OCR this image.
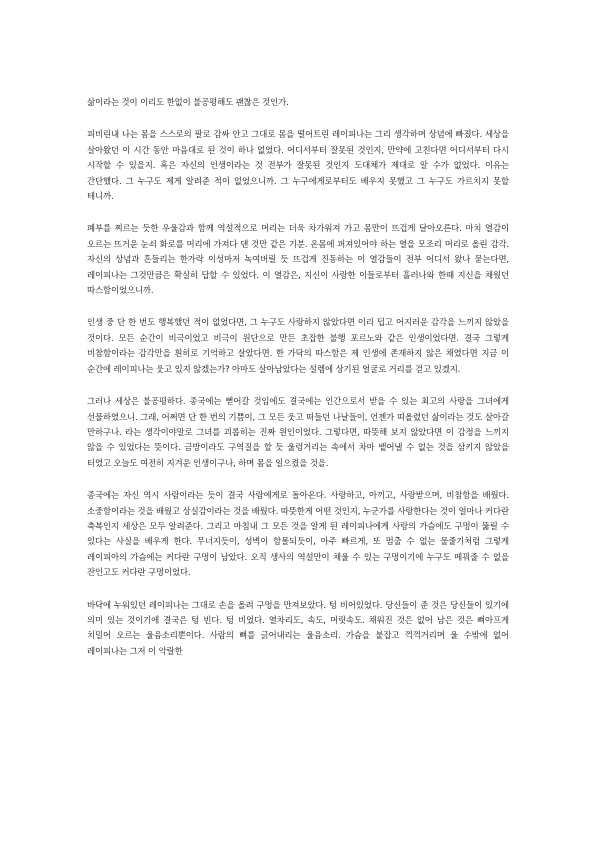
삶이라는 것이 이리도 한없이 불공평해도 괜찮은 것인가.

피비린내 나는 몸을 스스로의 팔로 감싸 안고 그대로 몸을 떨어트린 레이피나는 그리 생각하며 상념에 빠졌다. 세상을 살아왔던 이 시간 동안 마음대로 된 것이 하나 없었다. 어디서부터 잘못된 것인지, 만약에 고친다면 어디서부터 다시 시작할 수 있을지. 혹은 자신의 인생이라는 것 전부가 잘못된 것인지 도대체가 제대로 알 수가 없었다. 이유는 간단했다. 그 누구도 제게 알려준 적이 없었으니까. 그 누구에게로부터도 배우지 못했고 그 누구도 가르치지 못할 테니까.

폐부를 찌르는 듯한 우울감과 함께 역설적으로 머리는 더욱 차가워져 가고 몸만이 뜨겁게 달아오른다. 마치 열감이 오르는 뜨거운 눈쇠 화로를 머리에 가져다 댄 것만 같은 기분. 온몸에 퍼져있어야 하는 열을 모조리 머리로 올린 감각. 자신의 상념과 흔들리는 한가락 이성마저 녹여버릴 듯 뜨겁게 진동하는 이 열감들이 전부 어디서 왔나 묻는다면, 레이피나는 그것만큼은 확실히 답할 수 있었다. 이 열감은, 지신이 사랑한 이들로부터 흘러나와 한때 지신을 채웠던 따스함이었으니까.

인생 중 단 한 번도 행복했던 적이 없었다면, 그 누구도 사랑하지 않았다면 이리 덥고 어지러운 감각을 느끼지 않았을 것이다. 모든 순간이 비극이었고 비극이 원단으로 만든 초잡한 불행 포르노와 같은 인생이었다면. 결국 그렇게 비참함이라는 감각만을 흰히로 기억하고 살았다면. 한 가닥의 따스함은 제 인생에 존재하지 않은 채였다면 지금 이 순간에 레이피나는 웃고 있지 않겠는가? 아마도 살아남았다는 설렘에 상기된 얼굴로 거리를 걷고 있겠지.

그러나 세상은 불공평하다. 종국에는 뻗어갈 것임에도 결국에는 인간으로서 받을 수 있는 최고의 사랑을 그녀에게 선물하였으니. 그래, 어쩌면 단 한 번의 기쁨이, 그 모든 웃고 떠들던 나날들이, 언젠가 띠올렸던 삶이라는 것도 살아갈 만하구나. 라는 생각이야말로 그녀를 괴롭히는 진짜 원인이었다. 그렇다면, 따뜻해 보지 않았다면 이 감정을 느끼지 않을 수 있었다는 뜻이다. 금방이라도 구역질을 할 듯 울렁거리는 속에서 차마 뱉어낼 수 없는 것을 삼키지 않았을 터였고 오늘도 여전히 지겨운 인생이구나, 하며 몸을 일으켰을 것을.

종국에는 자신 역시 사람이라는 듯이 결국 사람에게로 돌아온다. 사랑하고, 아끼고, 사랑받으며, 비참함을 배웠다. 소중함이라는 것을 배웠고 상실감이라는 것을 배웠다. 따뜻한게 어떤 것인지, 누군가를 사랑한다는 것이 얼마나 커다란 축복인지 세상은 모두 알려준다. 그리고 마침내 그 모든 것을 알게 된 레이피나에게 사랑의 가슴에도 구멍이 뚫릴 수 있다는 사실을 배우게 한다. 무너지듯이, 성벽이 함몰되듯이, 아주 빠르게, 또 멈출 수 없는 물줄기처럼 그렇게 레이피아의 가슴에는 커다란 구멍이 남았다. 오직 생사의 역설만이 채울 수 있는 구멍이기에 누구도 메꿔줄 수 없을 잔인고도 커다란 구멍이었다.

바닥에 누워있던 레이피나는 그대로 손을 올려 구멍을 만져보았다. 텅 비어있었다. 당신들이 준 것은 당신들이 있기에 의미 있는 것이기에 결국은 텅 빈다. 텅 비었다. 열차리도, 속도, 머릿속도. 채워진 것은 없어 남은 것은 뼈아프게 치밀어 오르는 울음소리뿐이다. 사람의 뼈를 긁어내리는 울음소리. 가슴을 붙잡고 꺽꺽거리며 울 수밖에 없어 레이피나는 그저 이 악랄한
